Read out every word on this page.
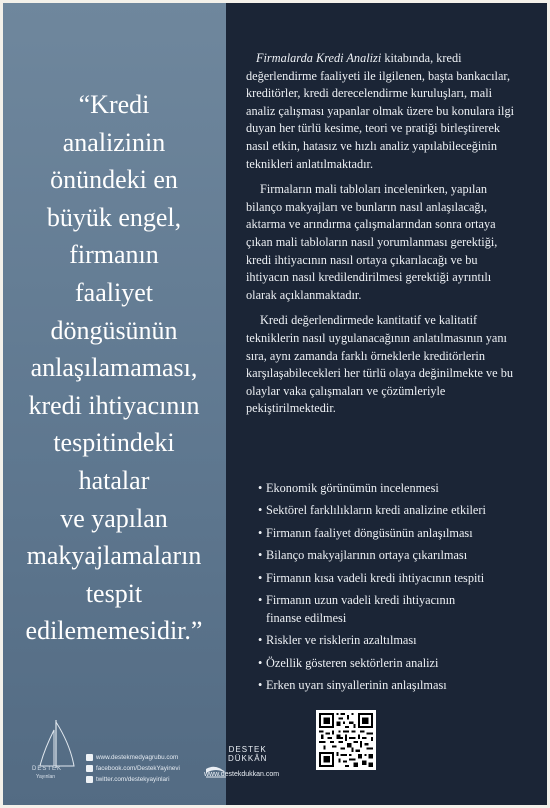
“Kredi
analizinin
önündeki en
büyük engel,
firmanın
faaliyet
döngüsünün
anlaşılamaması,
kredi ihtiyacının
tespitindeki
hatalar
ve yapılan
makyajlamaların
tespit
edilememesidir.”

DESTEK
Yayınları
www.destekmedyagrubu.com
facebook.com/DestekYayinevi
twitter.com/destekyayinlari
DESTEK
DÜKKÂN
www.destekdukkan.com

Firmalarda Kredi Analizi kitabında, kredi değerlendirme faaliyeti ile ilgilenen, başta bankacılar, kreditörler, kredi derecelendirme kuruluşları, mali analiz çalışması yapanlar olmak üzere bu konulara ilgi duyan her türlü kesime, teori ve pratiği birleştirerek nasıl etkin, hatasız ve hızlı analiz yapılabileceğinin teknikleri anlatılmaktadır.

Firmaların mali tabloları incelenirken, yapılan bilanço makyajları ve bunların nasıl anlaşılacağı, aktarma ve arındırma çalışmalarından sonra ortaya çıkan mali tabloların nasıl yorumlanması gerektiği, kredi ihtiyacının nasıl ortaya çıkarılacağı ve bu ihtiyacın nasıl kredilendirilmesi gerektiği ayrıntılı olarak açıklanmaktadır.

Kredi değerlendirmede kantitatif ve kalitatif tekniklerin nasıl uygulanacağının anlatılmasının yanı sıra, aynı zamanda farklı örneklerle kreditörlerin karşılaşabilecekleri her türlü olaya değinilmekte ve bu olaylar vaka çalışmaları ve çözümleriyle pekiştirilmektedir.

• Ekonomik görünümün incelenmesi
• Sektörel farklılıkların kredi analizine etkileri
• Firmanın faaliyet döngüsünün anlaşılması
• Bilanço makyajlarının ortaya çıkarılması
• Firmanın kısa vadeli kredi ihtiyacının tespiti
• Firmanın uzun vadeli kredi ihtiyacının
finanse edilmesi
• Riskler ve risklerin azaltılması
• Özellik gösteren sektörlerin analizi
• Erken uyarı sinyallerinin anlaşılması
